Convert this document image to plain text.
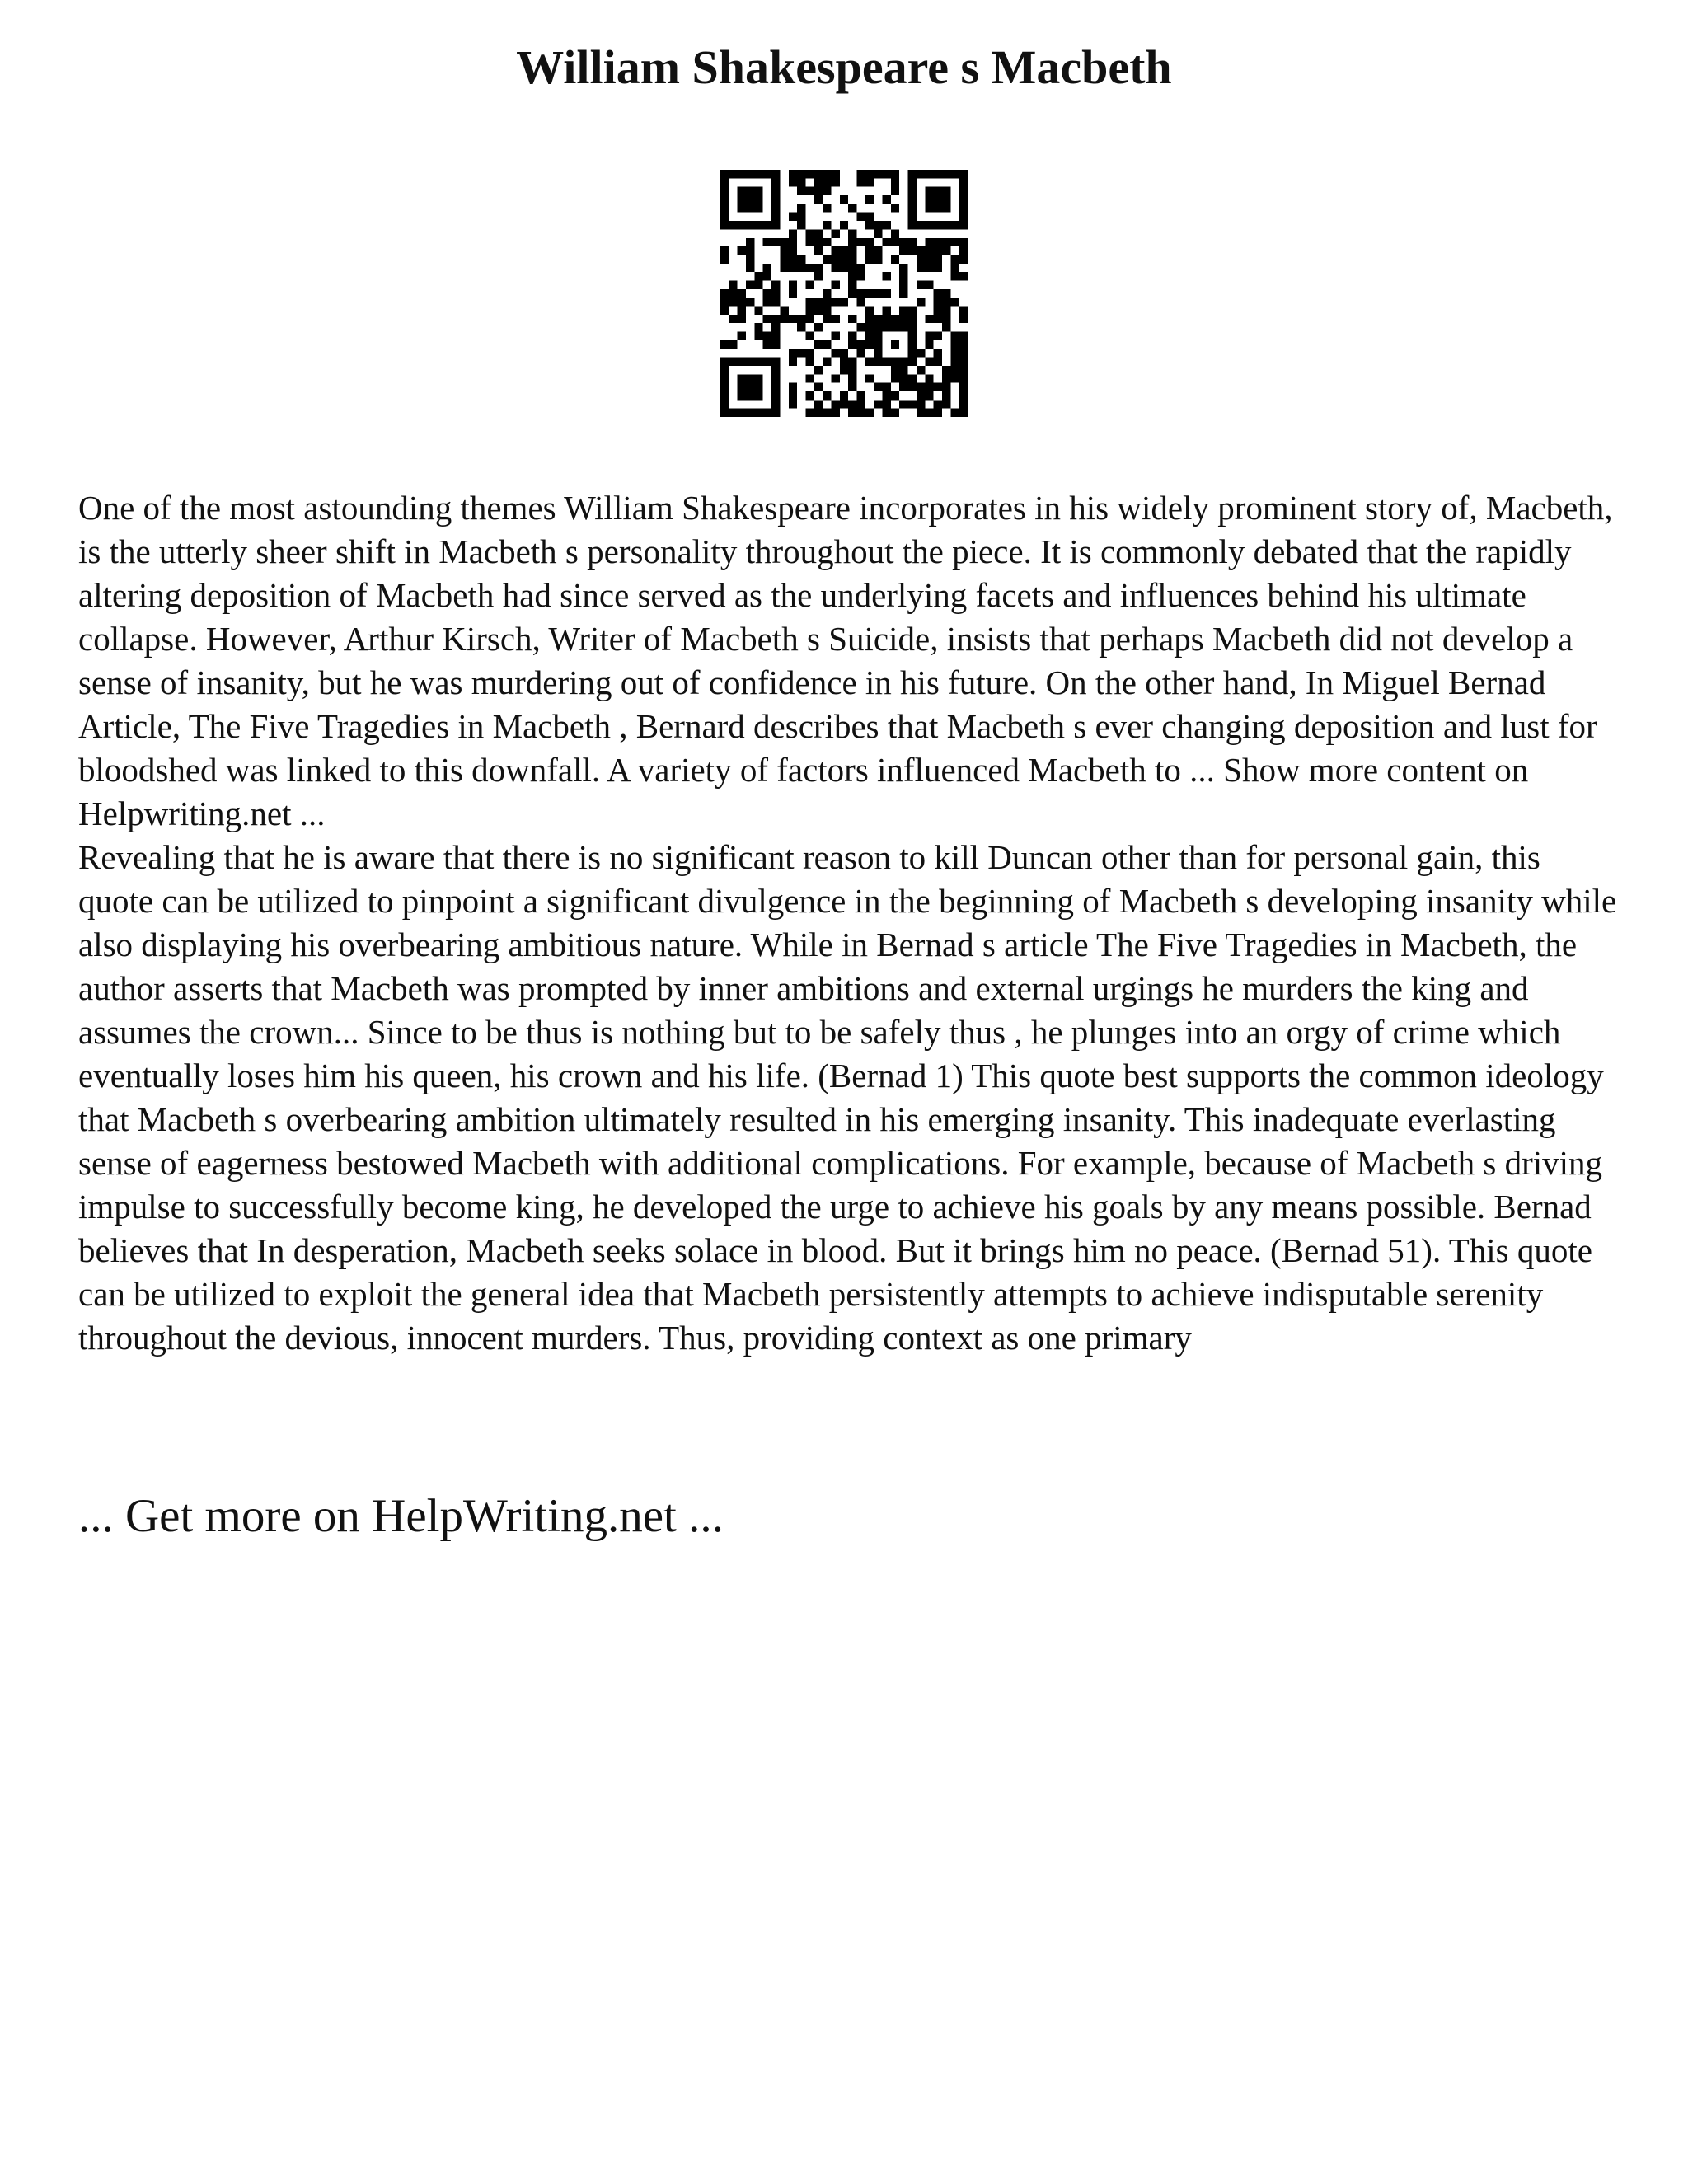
William Shakespeare s Macbeth

One of the most astounding themes William Shakespeare incorporates in his widely prominent story of, Macbeth, is the utterly sheer shift in Macbeth s personality throughout the piece. It is commonly debated that the rapidly altering deposition of Macbeth had since served as the underlying facets and influences behind his ultimate collapse. However, Arthur Kirsch, Writer of Macbeth s Suicide, insists that perhaps Macbeth did not develop a sense of insanity, but he was murdering out of confidence in his future. On the other hand, In Miguel Bernad Article, The Five Tragedies in Macbeth , Bernard describes that Macbeth s ever changing deposition and lust for bloodshed was linked to this downfall. A variety of factors influenced Macbeth to ... Show more content on Helpwriting.net ...

Revealing that he is aware that there is no significant reason to kill Duncan other than for personal gain, this quote can be utilized to pinpoint a significant divulgence in the beginning of Macbeth s developing insanity while also displaying his overbearing ambitious nature. While in Bernad s article The Five Tragedies in Macbeth, the author asserts that Macbeth was prompted by inner ambitions and external urgings he murders the king and assumes the crown... Since to be thus is nothing but to be safely thus , he plunges into an orgy of crime which eventually loses him his queen, his crown and his life. (Bernad 1) This quote best supports the common ideology that Macbeth s overbearing ambition ultimately resulted in his emerging insanity. This inadequate everlasting sense of eagerness bestowed Macbeth with additional complications. For example, because of Macbeth s driving impulse to successfully become king, he developed the urge to achieve his goals by any means possible. Bernad believes that In desperation, Macbeth seeks solace in blood. But it brings him no peace. (Bernad 51). This quote can be utilized to exploit the general idea that Macbeth persistently attempts to achieve indisputable serenity throughout the devious, innocent murders. Thus, providing context as one primary

... Get more on HelpWriting.net ...
